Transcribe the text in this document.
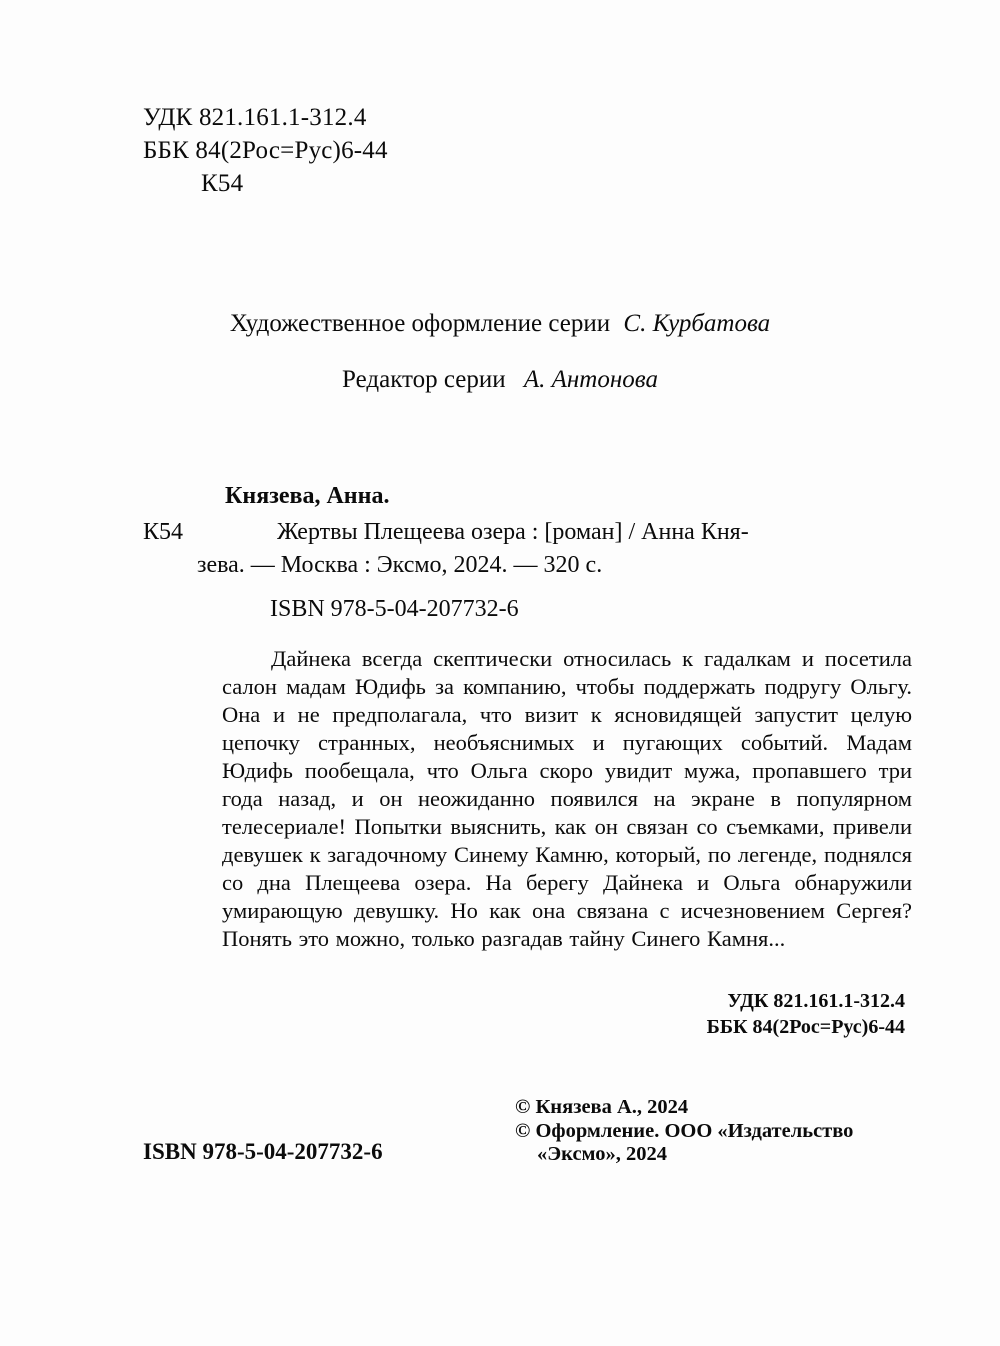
УДК 821.161.1-312.4
ББК 84(2Рос=Рус)6-44
К54
Художественное оформление серии С. Курбатова
Редактор серии А. Антонова
Князева, Анна.
К54	Жертвы Плещеева озера : [роман] / Анна Кня-
зева. — Москва : Эксмо, 2024. — 320 с.
ISBN 978-5-04-207732-6
Дайнека всегда скептически относилась к гадалкам и посетила салон мадам Юдифь за компанию, чтобы поддержать подругу Ольгу. Она и не предполагала, что визит к ясновидящей запустит целую цепочку странных, необъяснимых и пугающих событий. Мадам Юдифь пообещала, что Ольга скоро увидит мужа, пропавшего три года назад, и он неожиданно появился на экране в популярном телесериале! Попытки выяснить, как он связан со съемками, привели девушек к загадочному Синему Камню, который, по легенде, поднялся со дна Плещеева озера. На берегу Дайнека и Ольга обнаружили умирающую девушку. Но как она связана с исчезновением Сергея? Понять это можно, только разгадав тайну Синего Камня...
УДК 821.161.1-312.4
ББК 84(2Рос=Рус)6-44
© Князева А., 2024
© Оформление. ООО «Издательство
«Эксмо», 2024
ISBN 978-5-04-207732-6
